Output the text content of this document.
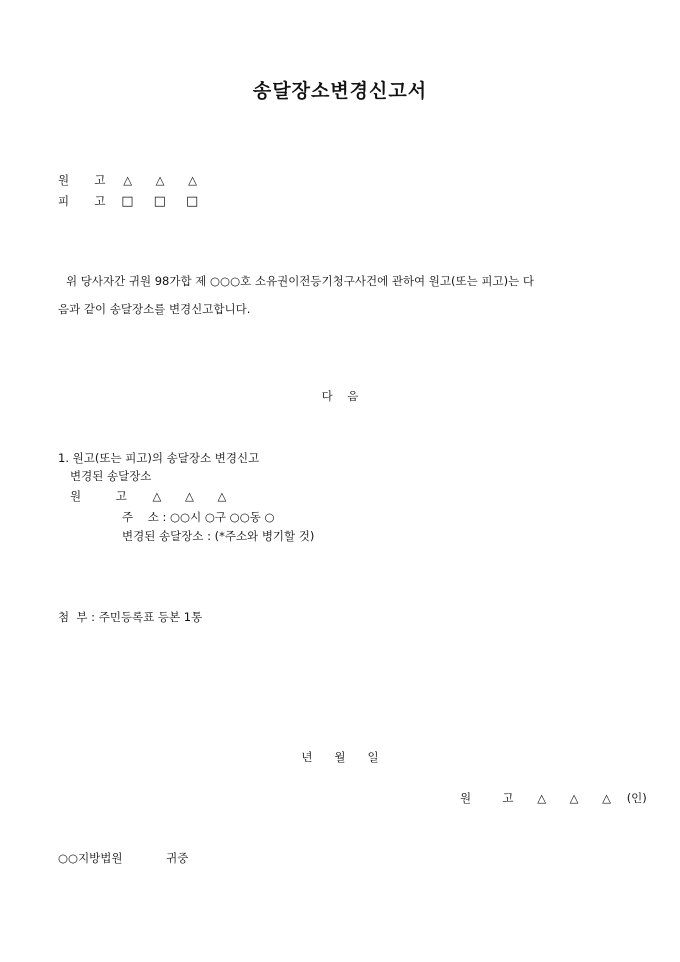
송달장소변경신고서
원  고 △ △ △
피  고 □ □ □
위 당사자간 귀원 98가합 제 ○○○호 소유권이전등기청구사건에 관하여 원고(또는 피고)는 다
음과 같이 송달장소를 변경신고합니다.
다    음
1. 원고(또는 피고)의 송달장소 변경신고
변경된 송달장소
원    고 △ △ △
주    소 : ○○시 ○구 ○○동 ○
변경된 송달장소 : (*주소와 병기할 것)
첨  부 : 주민등록표 등본 1통
년      월      일
원  고 △ △ △ (인)
○○지방법원	귀중
